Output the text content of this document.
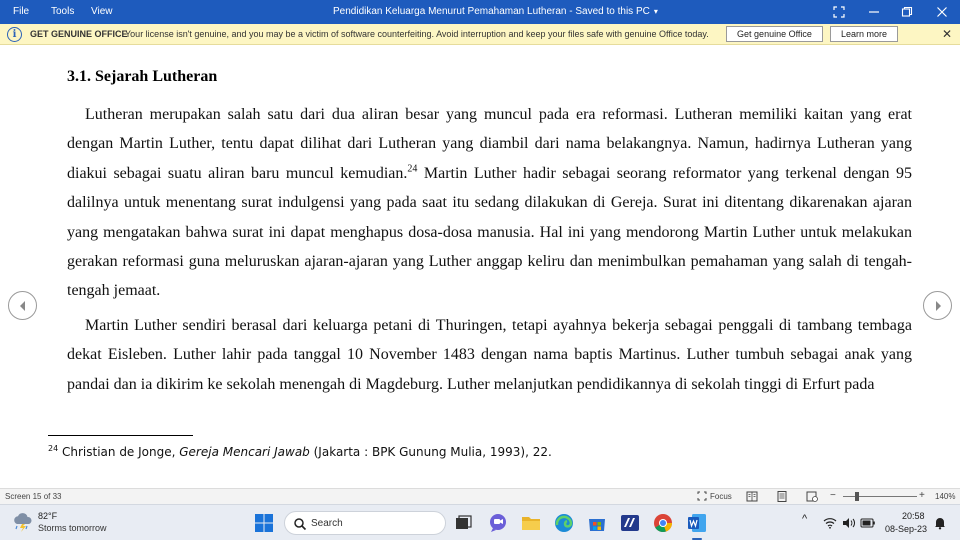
File Tools View	Pendidikan Keluarga Menurut Pemahaman Lutheran - Saved to this PC ▾
i	GET GENUINE OFFICE
Your license isn't genuine, and you may be a victim of software counterfeiting. Avoid interruption and keep your files safe with genuine Office today.	Get genuine Office	Learn more	✕
3.1. Sejarah Lutheran

Lutheran merupakan salah satu dari dua aliran besar yang muncul pada era reformasi. Lutheran memiliki kaitan yang erat dengan Martin Luther, tentu dapat dilihat dari Lutheran yang diambil dari nama belakangnya. Namun, hadirnya Lutheran yang diakui sebagai suatu aliran baru muncul kemudian.$^{24}$ Martin Luther hadir sebagai seorang reformator yang terkenal dengan 95 dalilnya untuk menentang surat indulgensi yang pada saat itu sedang dilakukan di Gereja. Surat ini ditentang dikarenakan ajaran yang mengatakan bahwa surat ini dapat menghapus dosa-dosa manusia. Hal ini yang mendorong Martin Luther untuk melakukan gerakan reformasi guna meluruskan ajaran-ajaran yang Luther anggap keliru dan menimbulkan pemahaman yang salah di tengah-tengah jemaat.

Martin Luther sendiri berasal dari keluarga petani di Thuringen, tetapi ayahnya bekerja sebagai penggali di tambang tembaga dekat Eisleben. Luther lahir pada tanggal 10 November 1483 dengan nama baptis Martinus. Luther tumbuh sebagai anak yang pandai dan ia dikirim ke sekolah menengah di Magdeburg. Luther melanjutkan pendidikannya di sekolah tinggi di Erfurt pada

$^{24}$ Christian de Jonge, Gereja Mencari Jawab (Jakarta : BPK Gunung Mulia, 1993), 22.
Screen 15 of 33	Focus	−	+ 140%
82°F
Storms tomorrow	Search	^	20:58
08-Sep-23
